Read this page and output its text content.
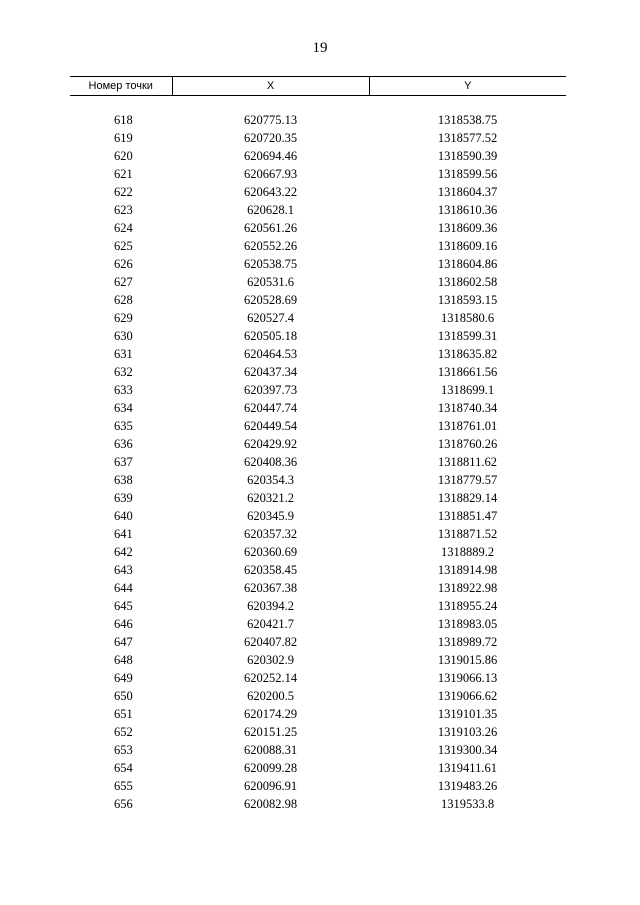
19
Номер точки	X	Y

618	620775.13	1318538.75
619	620720.35	1318577.52
620	620694.46	1318590.39
621	620667.93	1318599.56
622	620643.22	1318604.37
623	620628.1	1318610.36
624	620561.26	1318609.36
625	620552.26	1318609.16
626	620538.75	1318604.86
627	620531.6	1318602.58
628	620528.69	1318593.15
629	620527.4	1318580.6
630	620505.18	1318599.31
631	620464.53	1318635.82
632	620437.34	1318661.56
633	620397.73	1318699.1
634	620447.74	1318740.34
635	620449.54	1318761.01
636	620429.92	1318760.26
637	620408.36	1318811.62
638	620354.3	1318779.57
639	620321.2	1318829.14
640	620345.9	1318851.47
641	620357.32	1318871.52
642	620360.69	1318889.2
643	620358.45	1318914.98
644	620367.38	1318922.98
645	620394.2	1318955.24
646	620421.7	1318983.05
647	620407.82	1318989.72
648	620302.9	1319015.86
649	620252.14	1319066.13
650	620200.5	1319066.62
651	620174.29	1319101.35
652	620151.25	1319103.26
653	620088.31	1319300.34
654	620099.28	1319411.61
655	620096.91	1319483.26
656	620082.98	1319533.8
